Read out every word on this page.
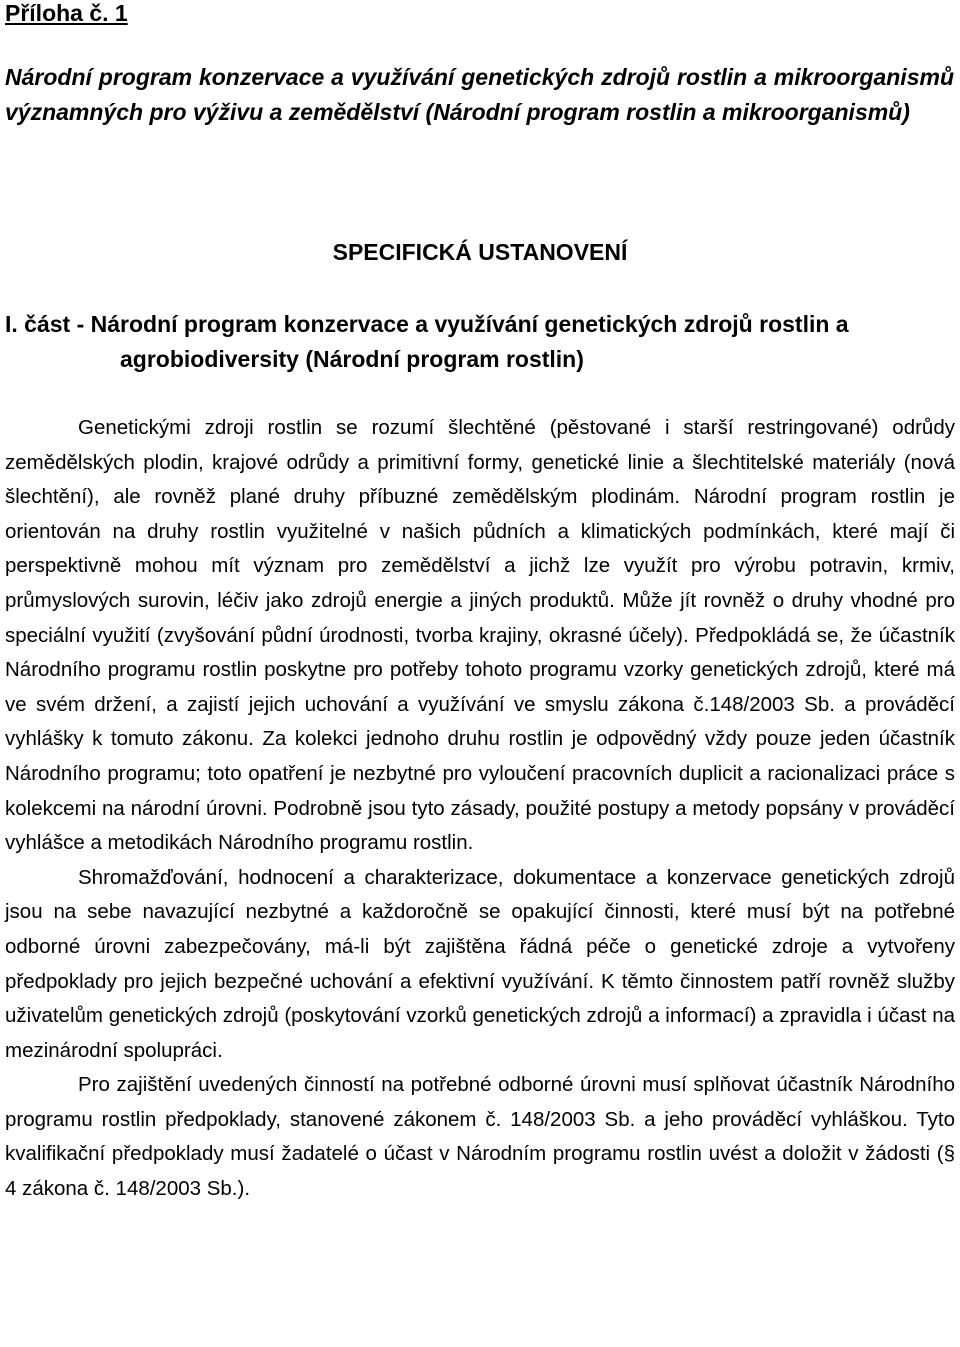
Příloha č. 1
Národní program konzervace a využívání genetických zdrojů rostlin a mikroorganismů významných pro výživu a zemědělství (Národní program rostlin a mikroorganismů)
SPECIFICKÁ USTANOVENÍ
I. část - Národní program konzervace a využívání genetických zdrojů rostlin a agrobiodiversity (Národní program rostlin)

Genetickými zdroji rostlin se rozumí šlechtěné (pěstované i starší restringované) odrůdy zemědělských plodin, krajové odrůdy a primitivní formy, genetické linie a šlechtitelské materiály (nová šlechtění), ale rovněž plané druhy příbuzné zemědělským plodinám. Národní program rostlin je orientován na druhy rostlin využitelné v našich půdních a klimatických podmínkách, které mají či perspektivně mohou mít význam pro zemědělství a jichž lze využít pro výrobu potravin, krmiv, průmyslových surovin, léčiv jako zdrojů energie a jiných produktů. Může jít rovněž o druhy vhodné pro speciální využití (zvyšování půdní úrodnosti, tvorba krajiny, okrasné účely). Předpokládá se, že účastník Národního programu rostlin poskytne pro potřeby tohoto programu vzorky genetických zdrojů, které má ve svém držení, a zajistí jejich uchování a využívání ve smyslu zákona č.148/2003 Sb. a prováděcí vyhlášky k tomuto zákonu. Za kolekci jednoho druhu rostlin je odpovědný vždy pouze jeden účastník Národního programu; toto opatření je nezbytné pro vyloučení pracovních duplicit a racionalizaci práce s kolekcemi na národní úrovni. Podrobně jsou tyto zásady, použité postupy a metody popsány v prováděcí vyhlášce a metodikách Národního programu rostlin.

Shromažďování, hodnocení a charakterizace, dokumentace a konzervace genetických zdrojů jsou na sebe navazující nezbytné a každoročně se opakující činnosti, které musí být na potřebné odborné úrovni zabezpečovány, má-li být zajištěna řádná péče o genetické zdroje a vytvořeny předpoklady pro jejich bezpečné uchování a efektivní využívání. K těmto činnostem patří rovněž služby uživatelům genetických zdrojů (poskytování vzorků genetických zdrojů a informací) a zpravidla i účast na mezinárodní spolupráci.

Pro zajištění uvedených činností na potřebné odborné úrovni musí splňovat účastník Národního programu rostlin předpoklady, stanovené zákonem č. 148/2003 Sb. a jeho prováděcí vyhláškou. Tyto kvalifikační předpoklady musí žadatelé o účast v Národním programu rostlin uvést a doložit v žádosti (§ 4 zákona č. 148/2003 Sb.).
